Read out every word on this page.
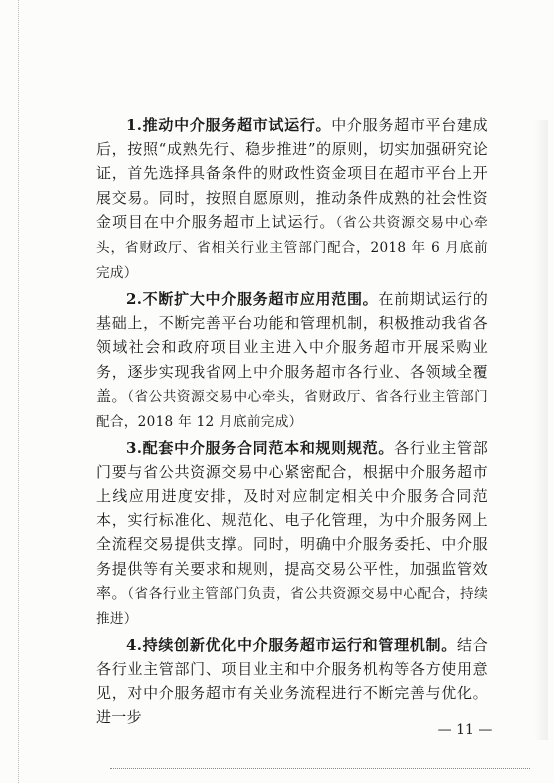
1.推动中介服务超市试运行。中介服务超市平台建成后，按照“成熟先行、稳步推进”的原则，切实加强研究论证，首先选择具备条件的财政性资金项目在超市平台上开展交易。同时，按照自愿原则，推动条件成熟的社会性资金项目在中介服务超市上试运行。（省公共资源交易中心牵头，省财政厅、省相关行业主管部门配合，2018 年 6 月底前完成）

2.不断扩大中介服务超市应用范围。在前期试运行的基础上，不断完善平台功能和管理机制，积极推动我省各领域社会和政府项目业主进入中介服务超市开展采购业务，逐步实现我省网上中介服务超市各行业、各领域全覆盖。（省公共资源交易中心牵头，省财政厅、省各行业主管部门配合，2018 年 12 月底前完成）

3.配套中介服务合同范本和规则规范。各行业主管部门要与省公共资源交易中心紧密配合，根据中介服务超市上线应用进度安排，及时对应制定相关中介服务合同范本，实行标准化、规范化、电子化管理，为中介服务网上全流程交易提供支撑。同时，明确中介服务委托、中介服务提供等有关要求和规则，提高交易公平性，加强监管效率。（省各行业主管部门负责，省公共资源交易中心配合，持续推进）

4.持续创新优化中介服务超市运行和管理机制。结合各行业主管部门、项目业主和中介服务机构等各方使用意见，对中介服务超市有关业务流程进行不断完善与优化。进一步

— 11 —
